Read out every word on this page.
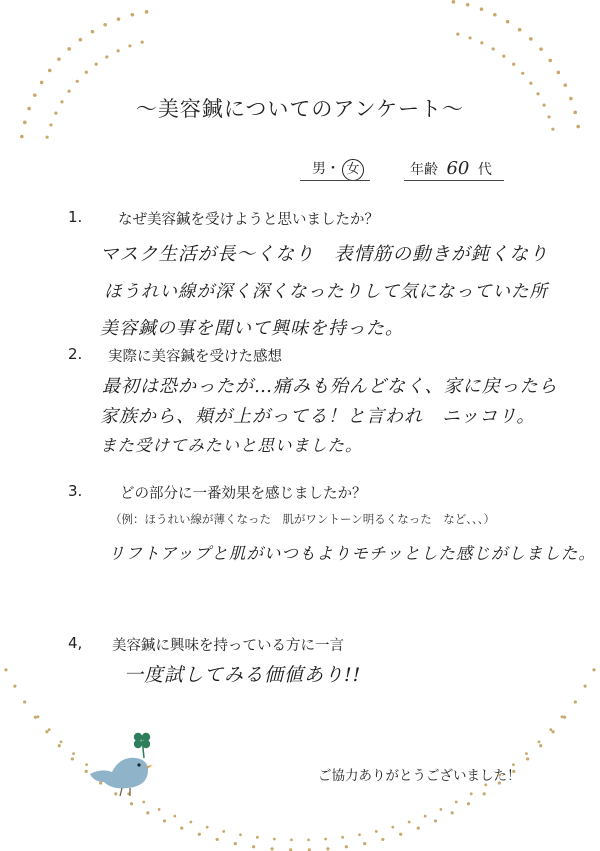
〜美容鍼についてのアンケート〜
男・ 女	年齢 60 代
1. なぜ美容鍼を受けようと思いましたか？
マスク生活が長〜くなり　表情筋の動きが鈍くなり
ほうれい線が深く深くなったりして気になっていた所
美容鍼の事を聞いて興味を持った。
2. 実際に美容鍼を受けた感想
最初は恐かったが…痛みも殆んどなく、家に戻ったら
家族から、頬が上がってる！と言われ　ニッコリ。
また受けてみたいと思いました。
3.	どの部分に一番効果を感じましたか？
（例：ほうれい線が薄くなった　肌がワントーン明るくなった　など、、、）
リフトアップと肌がいつもよりモチッとした感じがしました。
4, 美容鍼に興味を持っている方に一言
一度試してみる価値あり!!
ご協力ありがとうございました！
